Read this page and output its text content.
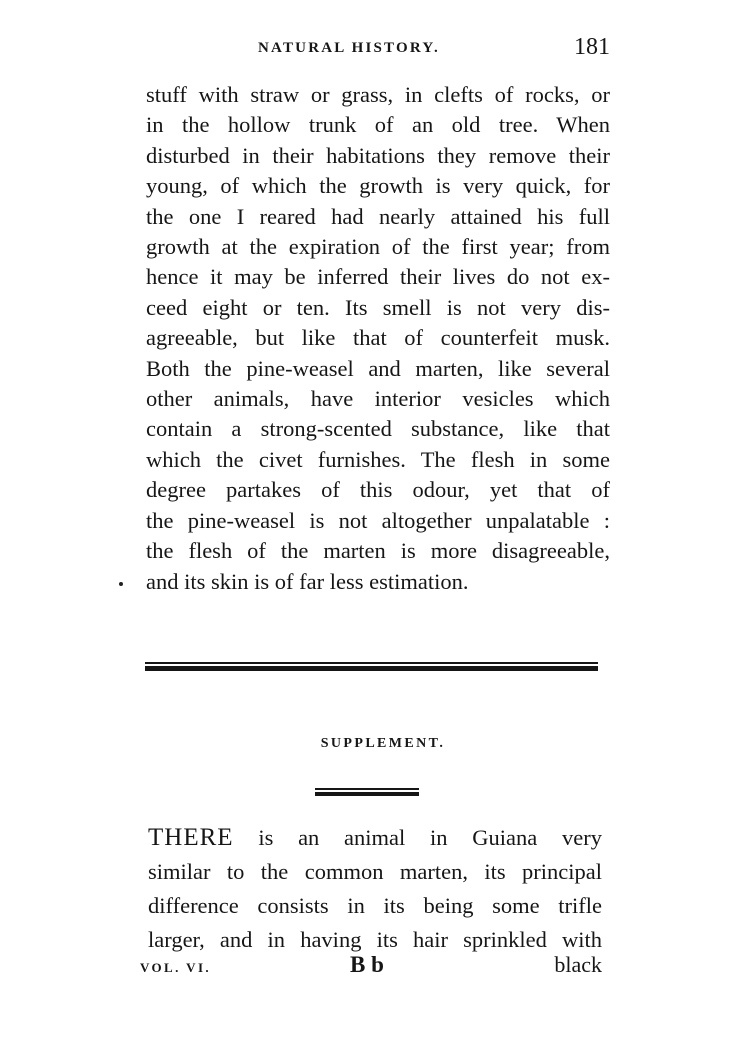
NATURAL HISTORY.	181

stuff with straw or grass, in clefts of rocks, or
in the hollow trunk of an old tree. When
disturbed in their habitations they remove their
young, of which the growth is very quick, for
the one I reared had nearly attained his full
growth at the expiration of the first year; from
hence it may be inferred their lives do not ex-
ceed eight or ten. Its smell is not very dis-
agreeable, but like that of counterfeit musk.
Both the pine-weasel and marten, like several
other animals, have interior vesicles which
contain a strong-scented substance, like that
which the civet furnishes. The flesh in some
degree partakes of this odour, yet that of
the pine-weasel is not altogether unpalatable :
the flesh of the marten is more disagreeable,
and its skin is of far less estimation.

SUPPLEMENT.

THERE is an animal in Guiana very
similar to the common marten, its principal
difference consists in its being some trifle
larger, and in having its hair sprinkled with

VOL. VI.	B b	black
